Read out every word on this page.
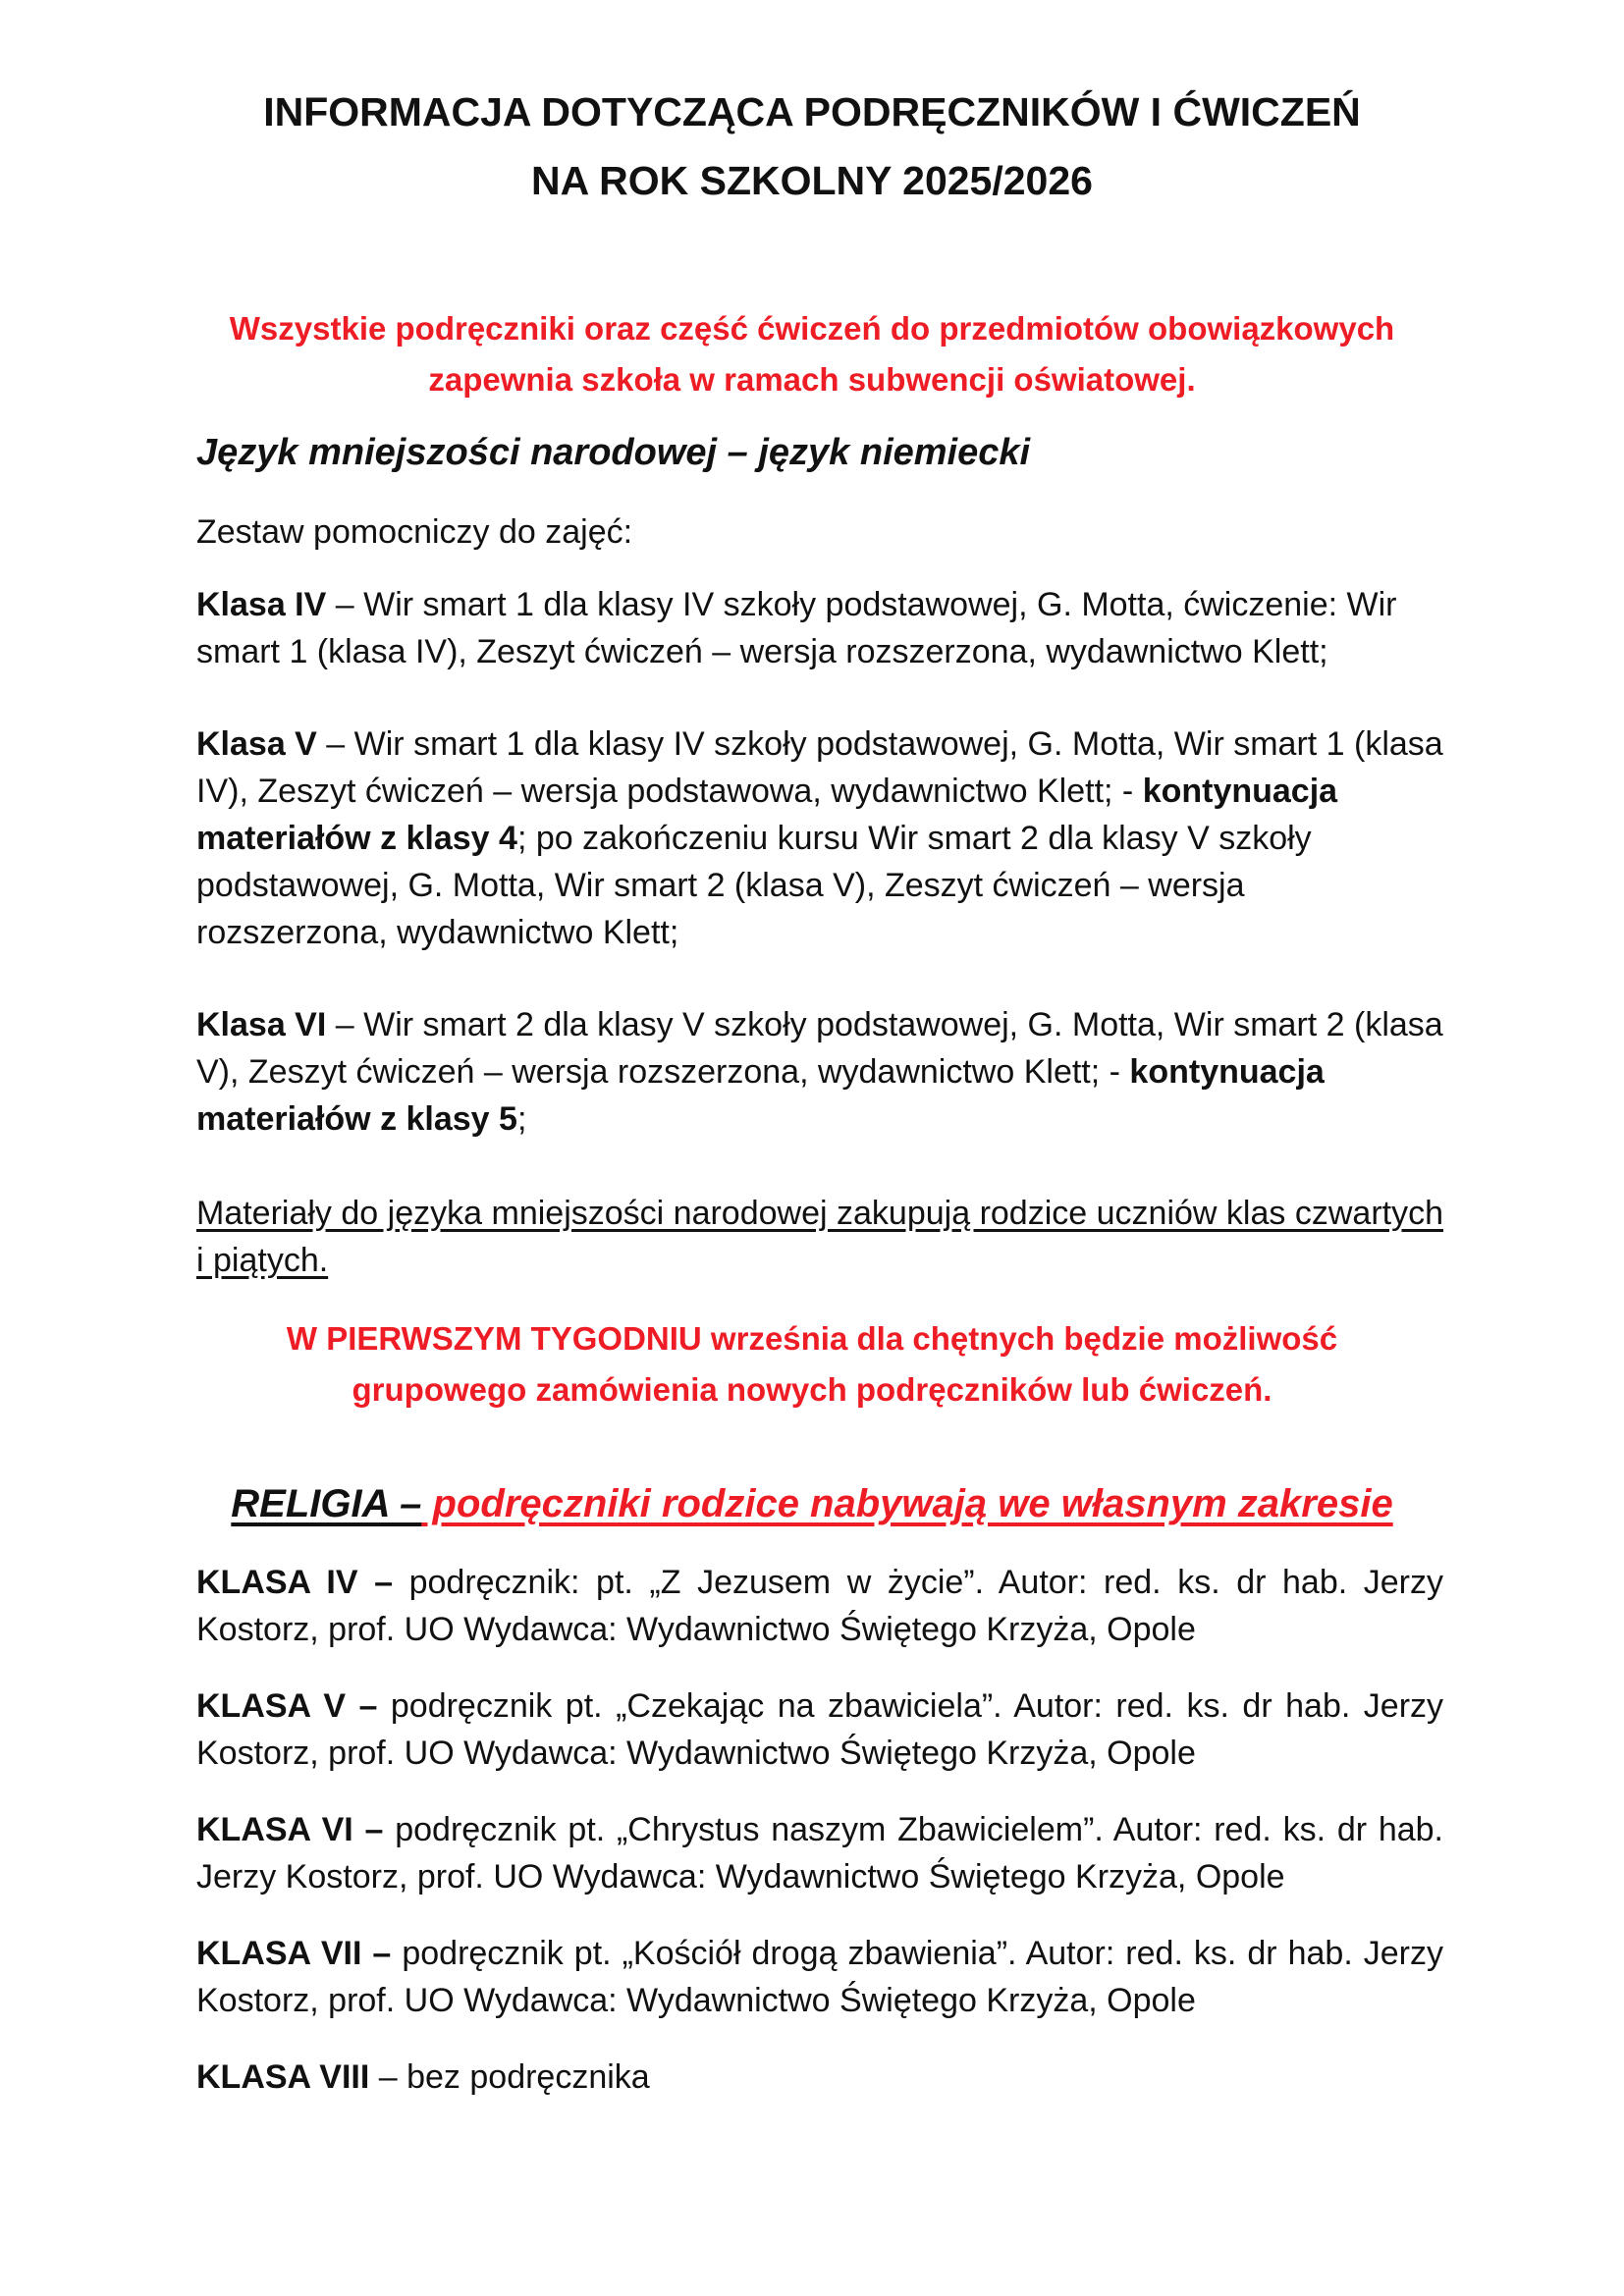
INFORMACJA DOTYCZĄCA PODRĘCZNIKÓW I ĆWICZEŃ
NA ROK SZKOLNY 2025/2026
Wszystkie podręczniki oraz część ćwiczeń do przedmiotów obowiązkowych
zapewnia szkoła w ramach subwencji oświatowej.
Język mniejszości narodowej – język niemiecki
Zestaw pomocniczy do zajęć:
Klasa IV – Wir smart 1 dla klasy IV szkoły podstawowej, G. Motta, ćwiczenie: Wir smart 1 (klasa IV), Zeszyt ćwiczeń – wersja rozszerzona, wydawnictwo Klett;
Klasa V – Wir smart 1 dla klasy IV szkoły podstawowej, G. Motta, Wir smart 1 (klasa IV), Zeszyt ćwiczeń – wersja podstawowa, wydawnictwo Klett; - kontynuacja materiałów z klasy 4; po zakończeniu kursu Wir smart 2 dla klasy V szkoły podstawowej, G. Motta, Wir smart 2 (klasa V), Zeszyt ćwiczeń – wersja rozszerzona, wydawnictwo Klett;
Klasa VI – Wir smart 2 dla klasy V szkoły podstawowej, G. Motta, Wir smart 2 (klasa V), Zeszyt ćwiczeń – wersja rozszerzona, wydawnictwo Klett; - kontynuacja materiałów z klasy 5;
Materiały do języka mniejszości narodowej zakupują rodzice uczniów klas czwartych i piątych.
W PIERWSZYM TYGODNIU września dla chętnych będzie możliwość
grupowego zamówienia nowych podręczników lub ćwiczeń.
RELIGIA – podręczniki rodzice nabywają we własnym zakresie
KLASA IV – podręcznik: pt. „Z Jezusem w życie”. Autor: red. ks. dr hab. Jerzy Kostorz, prof. UO Wydawca: Wydawnictwo Świętego Krzyża, Opole
KLASA V – podręcznik pt. „Czekając na zbawiciela”. Autor: red. ks. dr hab. Jerzy Kostorz, prof. UO Wydawca: Wydawnictwo Świętego Krzyża, Opole
KLASA VI – podręcznik pt. „Chrystus naszym Zbawicielem”. Autor: red. ks. dr hab. Jerzy Kostorz, prof. UO Wydawca: Wydawnictwo Świętego Krzyża, Opole
KLASA VII – podręcznik pt. „Kościół drogą zbawienia”. Autor: red. ks. dr hab. Jerzy Kostorz, prof. UO Wydawca: Wydawnictwo Świętego Krzyża, Opole
KLASA VIII – bez podręcznika
